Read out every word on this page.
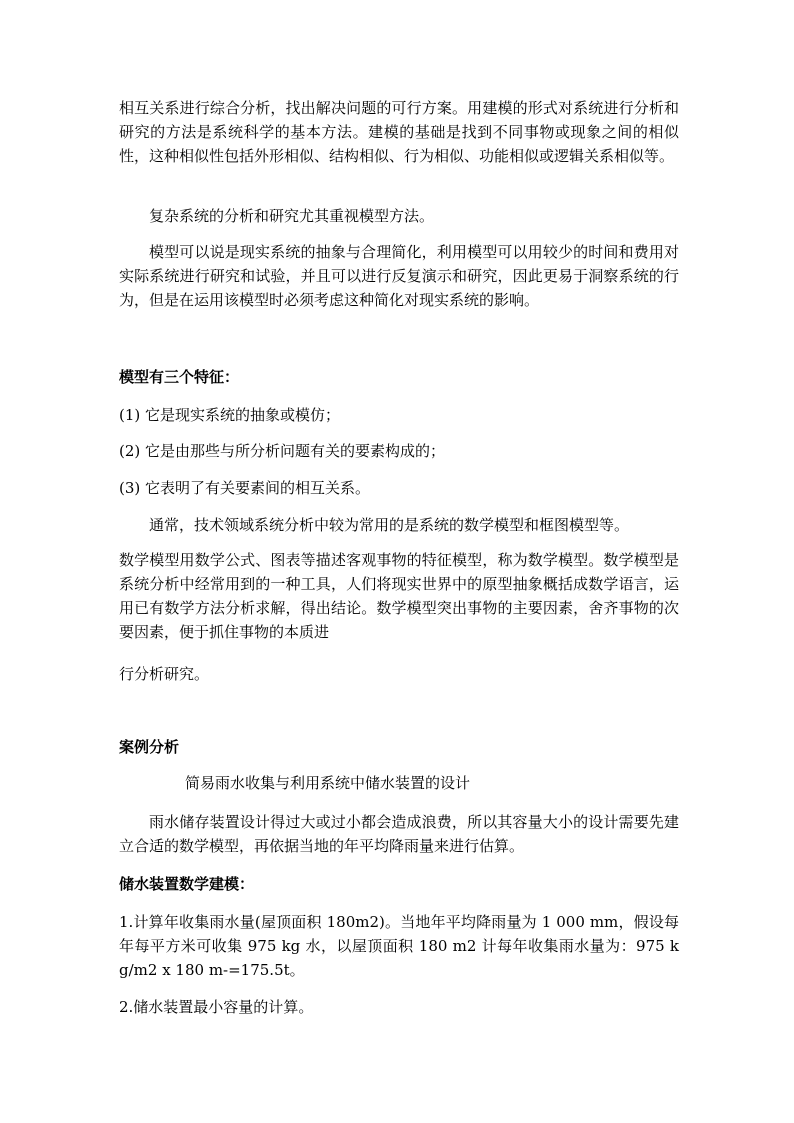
相互关系进行综合分析，找出解决问题的可行方案。用建模的形式对系统进行分析和研究的方法是系统科学的基本方法。建模的基础是找到不同事物或现象之间的相似性，这种相似性包括外形相似、结构相似、行为相似、功能相似或逻辑关系相似等。

复杂系统的分析和研究尤其重视模型方法。

模型可以说是现实系统的抽象与合理简化，利用模型可以用较少的时间和费用对实际系统进行研究和试验，并且可以进行反复演示和研究，因此更易于洞察系统的行为，但是在运用该模型时必须考虑这种简化对现实系统的影响。

模型有三个特征：

(1) 它是现实系统的抽象或模仿；

(2) 它是由那些与所分析问题有关的要素构成的；

(3) 它表明了有关要素间的相互关系。

通常，技术领域系统分析中较为常用的是系统的数学模型和框图模型等。

数学模型用数学公式、图表等描述客观事物的特征模型，称为数学模型。数学模型是系统分析中经常用到的一种工具，人们将现实世界中的原型抽象概括成数学语言，运用已有数学方法分析求解，得出结论。数学模型突出事物的主要因素，舍齐事物的次要因素，便于抓住事物的本质进

行分析研究。

案例分析

简易雨水收集与利用系统中储水装置的设计

雨水储存装置设计得过大或过小都会造成浪费，所以其容量大小的设计需要先建立合适的数学模型，再依据当地的年平均降雨量来进行估算。

储水装置数学建模：

1.计算年收集雨水量(屋顶面积 180m2)。当地年平均降雨量为 1 000 mm，假设每年每平方米可收集 975 kg 水，以屋顶面积 180 m2 计每年收集雨水量为：975 kg/m2 x 180 m-=175.5t。

2.储水装置最小容量的计算。
